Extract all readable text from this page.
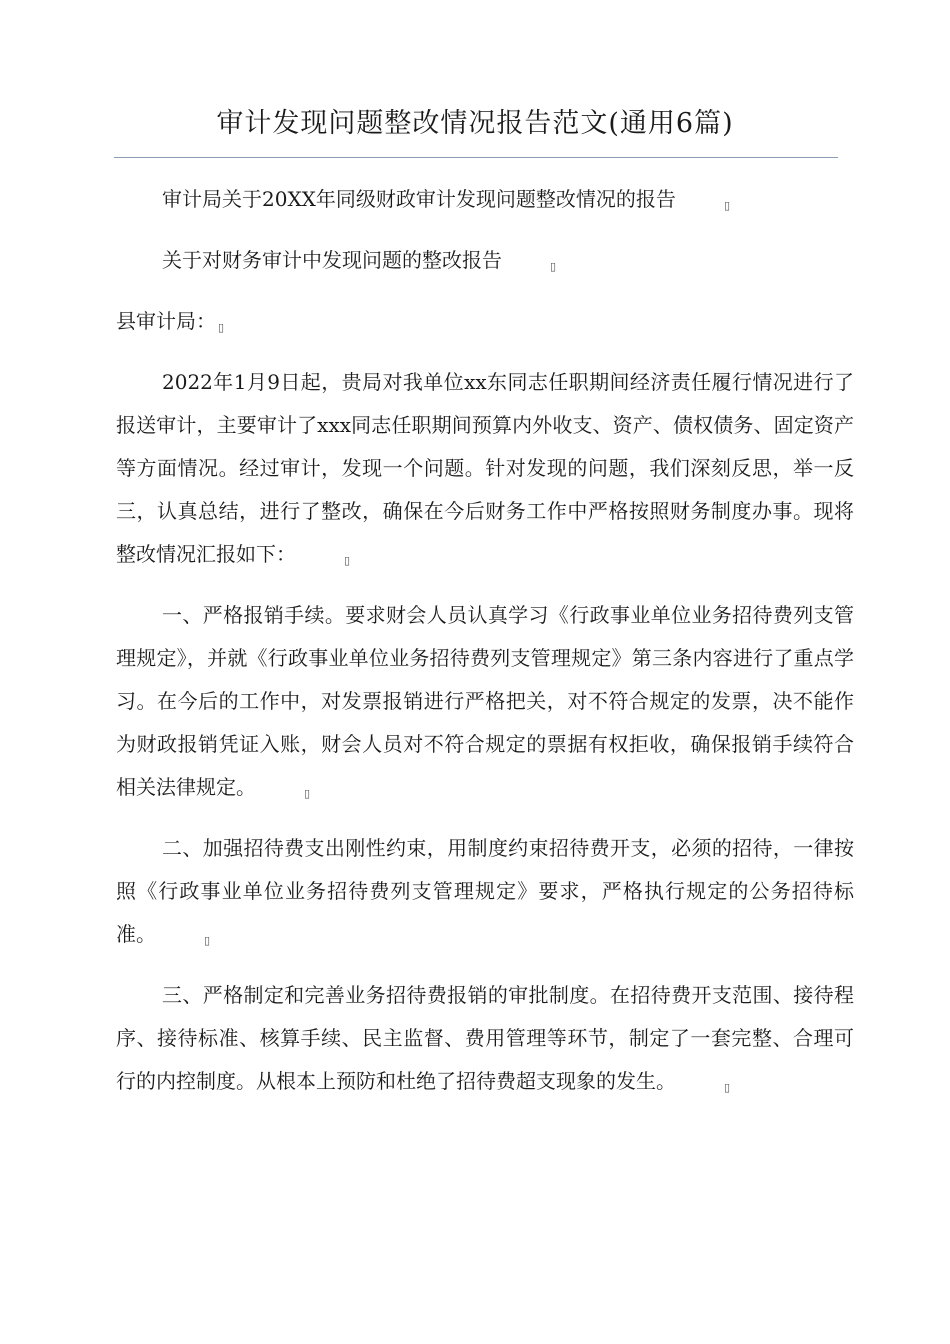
审计发现问题整改情况报告范文(通用6篇)

审计局关于20XX年同级财政审计发现问题整改情况的报告	▯

关于对财务审计中发现问题的整改报告	▯

县审计局： ▯

2022年1月9日起，贵局对我单位xx东同志任职期间经济责任履行情况进行了报送审计，主要审计了xxx同志任职期间预算内外收支、资产、债权债务、固定资产等方面情况。经过审计，发现一个问题。针对发现的问题，我们深刻反思，举一反三，认真总结，进行了整改，确保在今后财务工作中严格按照财务制度办事。现将整改情况汇报如下：	▯

一、严格报销手续。要求财会人员认真学习《行政事业单位业务招待费列支管理规定》，并就《行政事业单位业务招待费列支管理规定》第三条内容进行了重点学习。在今后的工作中，对发票报销进行严格把关，对不符合规定的发票，决不能作为财政报销凭证入账，财会人员对不符合规定的票据有权拒收，确保报销手续符合相关法律规定。	▯

二、加强招待费支出刚性约束，用制度约束招待费开支，必须的招待，一律按照《行政事业单位业务招待费列支管理规定》要求，严格执行规定的公务招待标准。	▯

三、严格制定和完善业务招待费报销的审批制度。在招待费开支范围、接待程序、接待标准、核算手续、民主监督、费用管理等环节，制定了一套完整、合理可行的内控制度。从根本上预防和杜绝了招待费超支现象的发生。	▯
